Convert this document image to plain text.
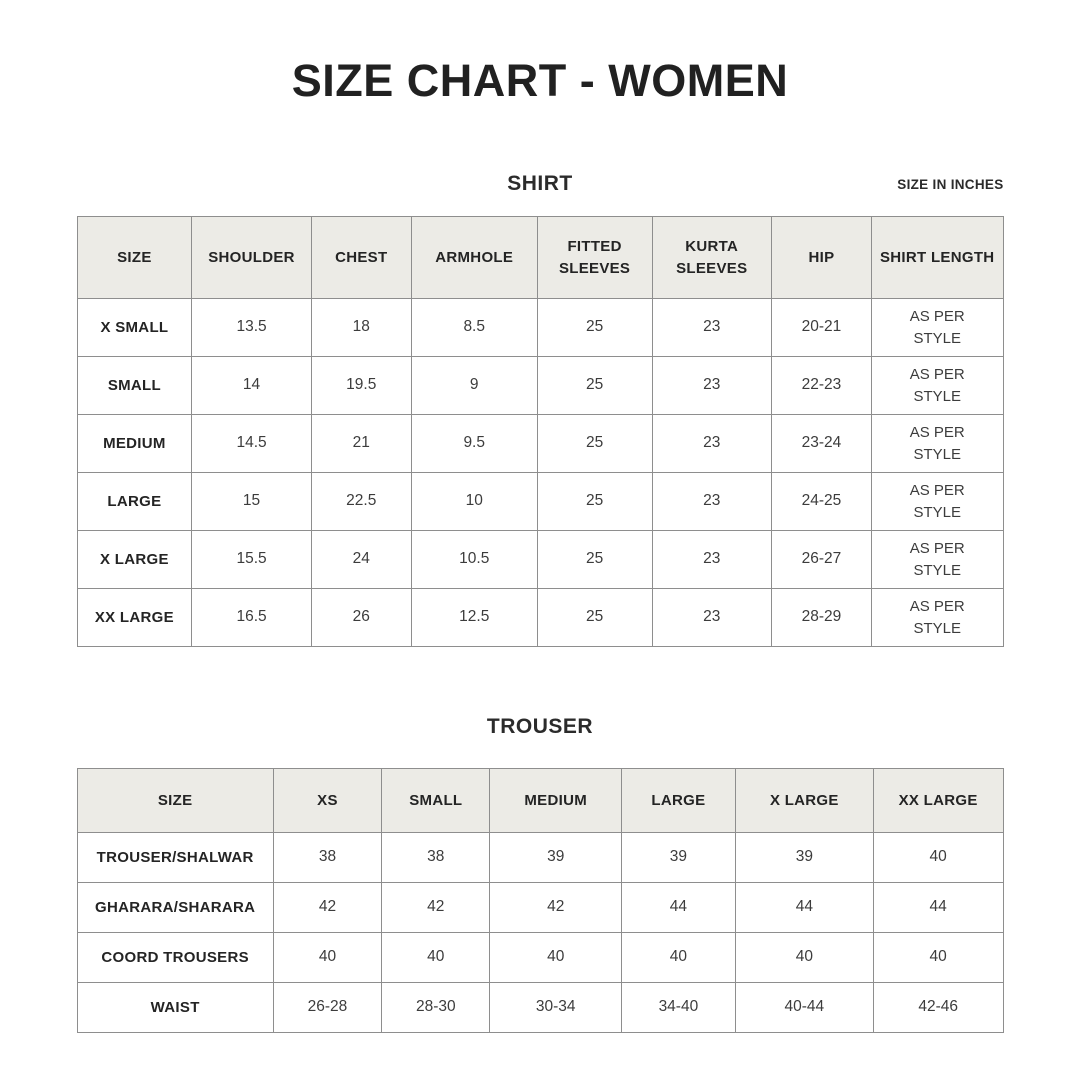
SIZE CHART - WOMEN
SHIRT	SIZE IN INCHES
SIZE	SHOULDER	CHEST	ARMHOLE	FITTED SLEEVES	KURTA SLEEVES	HIP	SHIRT LENGTH
X SMALL	13.5	18	8.5	25	23	20-21	AS PER STYLE
SMALL	14	19.5	9	25	23	22-23	AS PER STYLE
MEDIUM	14.5	21	9.5	25	23	23-24	AS PER STYLE
LARGE	15	22.5	10	25	23	24-25	AS PER STYLE
X LARGE	15.5	24	10.5	25	23	26-27	AS PER STYLE
XX LARGE	16.5	26	12.5	25	23	28-29	AS PER STYLE
TROUSER
SIZE	XS	SMALL	MEDIUM	LARGE	X LARGE	XX LARGE
TROUSER/SHALWAR	38	38	39	39	39	40
GHARARA/SHARARA	42	42	42	44	44	44
COORD TROUSERS	40	40	40	40	40	40
WAIST	26-28	28-30	30-34	34-40	40-44	42-46
